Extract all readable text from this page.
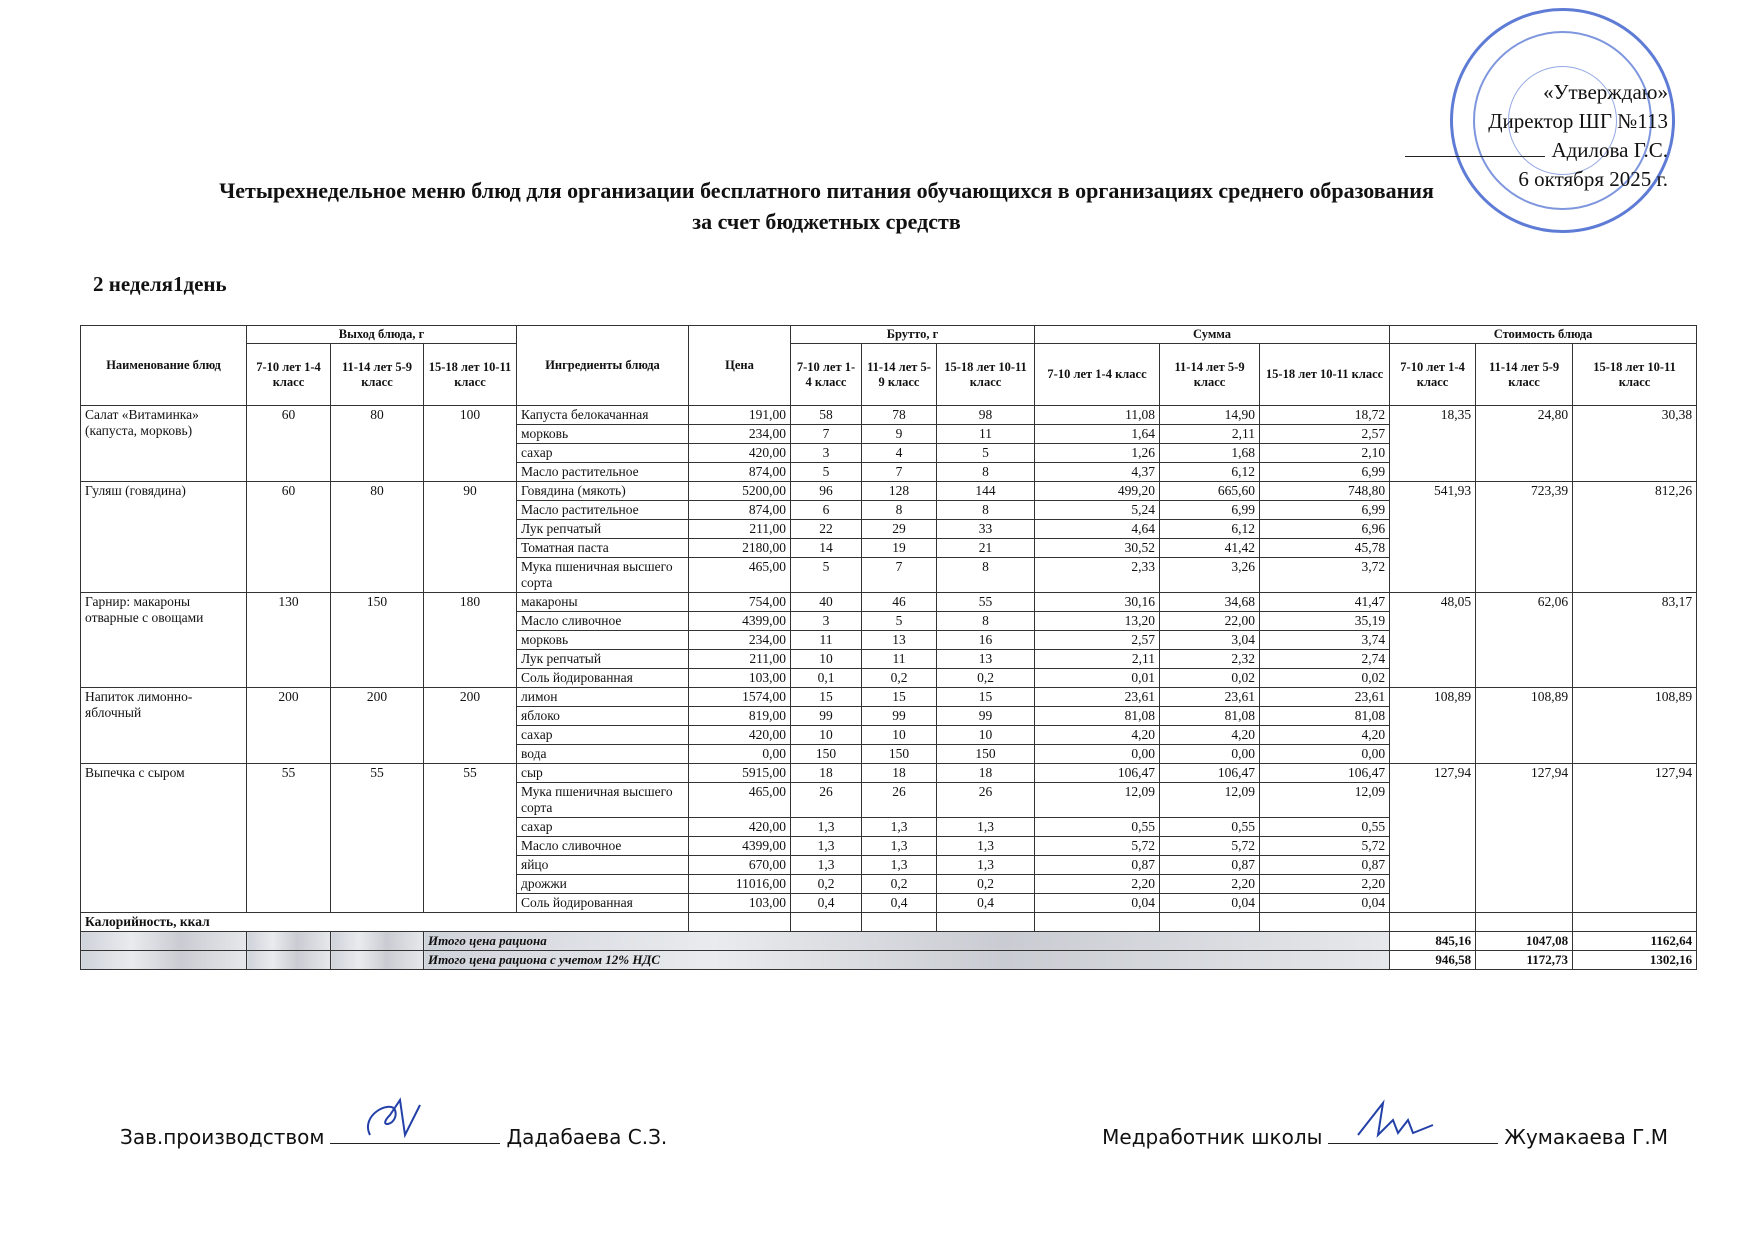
«Утверждаю»
Директор ШГ №113
Адилова Г.С.
6 октября 2025 г.
Четырехнедельное меню блюд для организации бесплатного питания обучающихся в организациях среднего образования
за счет бюджетных средств
2 неделя1день
Наименование блюд	Выход блюда, г			Ингредиенты блюда	Цена	Брутто, г			Сумма			Стоимость блюда		
	7-10 лет 1-4 класс	11-14 лет 5-9 класс	15-18 лет 10-11 класс			7-10 лет 1-4 класс	11-14 лет 5-9 класс	15-18 лет 10-11 класс	7-10 лет 1-4 класс	11-14 лет 5-9 класс	15-18 лет 10-11 класс	7-10 лет 1-4 класс	11-14 лет 5-9 класс	15-18 лет 10-11 класс
Салат «Витаминка» (капуста, морковь)	60	80	100	Капуста белокачанная	191,00	58	78	98	11,08	14,90	18,72	18,35	24,80	30,38
				морковь	234,00	7	9	11	1,64	2,11	2,57			
				сахар	420,00	3	4	5	1,26	1,68	2,10			
				Масло растительное	874,00	5	7	8	4,37	6,12	6,99			
Гуляш (говядина)	60	80	90	Говядина (мякоть)	5200,00	96	128	144	499,20	665,60	748,80	541,93	723,39	812,26
				Масло растительное	874,00	6	8	8	5,24	6,99	6,99			
				Лук репчатый	211,00	22	29	33	4,64	6,12	6,96			
				Томатная паста	2180,00	14	19	21	30,52	41,42	45,78			
				Мука пшеничная высшего сорта	465,00	5	7	8	2,33	3,26	3,72			
Гарнир: макароны отварные с овощами	130	150	180	макароны	754,00	40	46	55	30,16	34,68	41,47	48,05	62,06	83,17
				Масло сливочное	4399,00	3	5	8	13,20	22,00	35,19			
				морковь	234,00	11	13	16	2,57	3,04	3,74			
				Лук репчатый	211,00	10	11	13	2,11	2,32	2,74			
				Соль йодированная	103,00	0,1	0,2	0,2	0,01	0,02	0,02			
Напиток лимонно-яблочный	200	200	200	лимон	1574,00	15	15	15	23,61	23,61	23,61	108,89	108,89	108,89
				яблоко	819,00	99	99	99	81,08	81,08	81,08			
				сахар	420,00	10	10	10	4,20	4,20	4,20			
				вода	0,00	150	150	150	0,00	0,00	0,00			
Выпечка с сыром	55	55	55	сыр	5915,00	18	18	18	106,47	106,47	106,47	127,94	127,94	127,94
				Мука пшеничная высшего сорта	465,00	26	26	26	12,09	12,09	12,09			
				сахар	420,00	1,3	1,3	1,3	0,55	0,55	0,55			
				Масло сливочное	4399,00	1,3	1,3	1,3	5,72	5,72	5,72			
				яйцо	670,00	1,3	1,3	1,3	0,87	0,87	0,87			
				дрожжи	11016,00	0,2	0,2	0,2	2,20	2,20	2,20			
				Соль йодированная	103,00	0,4	0,4	0,4	0,04	0,04	0,04			
Калорийность, ккал														
			Итого цена рациона									845,16	1047,08	1162,64
			Итого цена рациона с учетом 12% НДС									946,58	1172,73	1302,16
Зав.производством	Дадабаева С.З.	Медработник школы	Жумакаева Г.М
